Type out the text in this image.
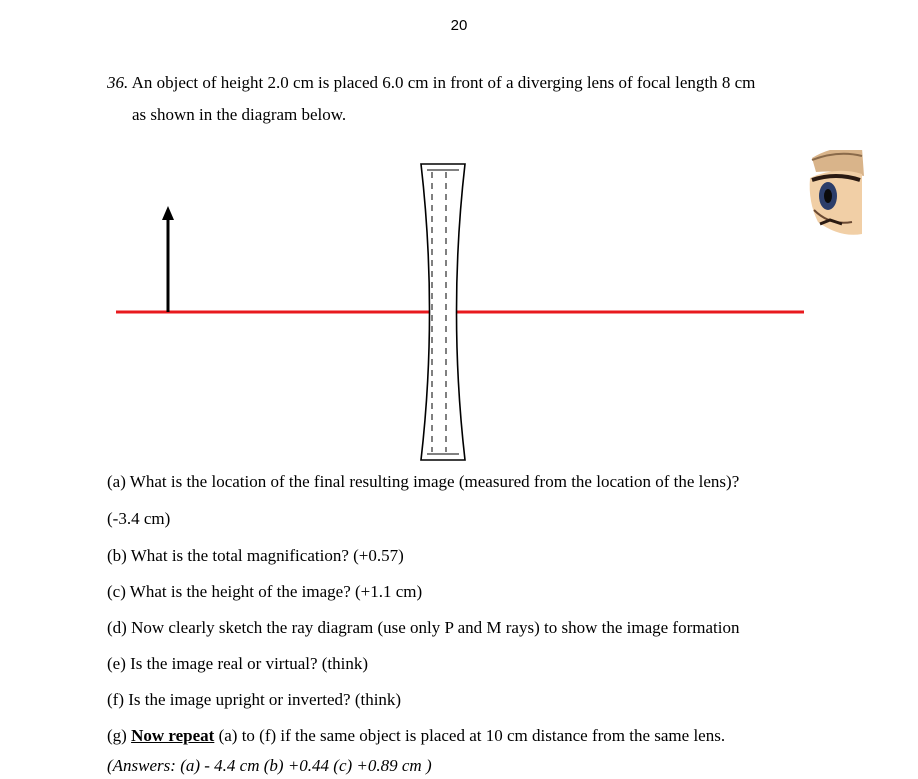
20
36. An object of height 2.0 cm is placed 6.0 cm in front of a diverging lens of focal length 8 cm
as shown in the diagram below.
(a) What is the location of the final resulting image (measured from the location of the lens)?
(-3.4 cm)
(b) What is the total magnification? (+0.57)
(c) What is the height of the image? (+1.1 cm)
(d) Now clearly sketch the ray diagram (use only P and M rays) to show the image formation
(e) Is the image real or virtual? (think)
(f) Is the image upright or inverted? (think)
(g) Now repeat (a) to (f) if the same object is placed at 10 cm distance from the same lens.
(Answers: (a) - 4.4 cm (b) +0.44 (c) +0.89 cm )
